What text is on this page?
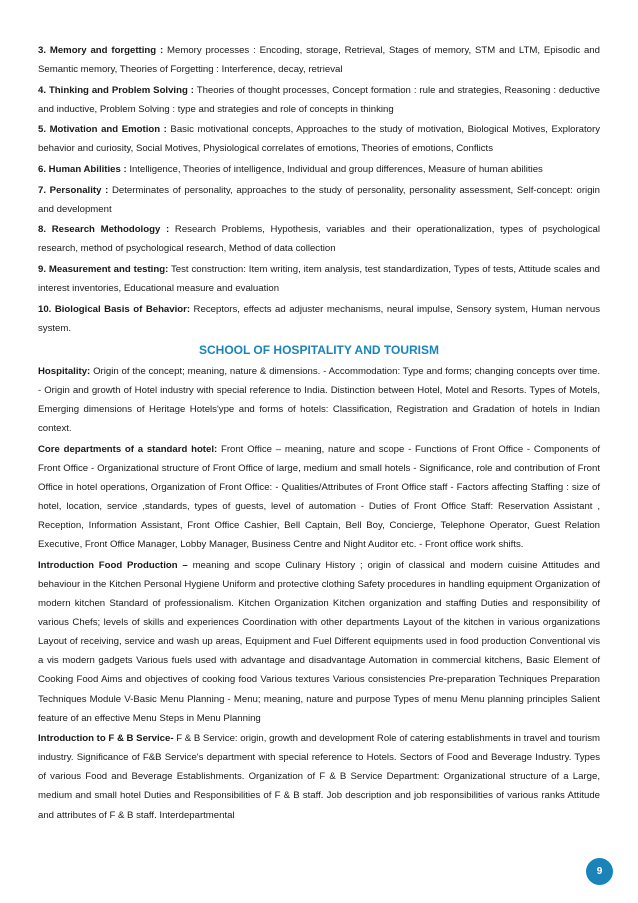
3. Memory and forgetting : Memory processes : Encoding, storage, Retrieval, Stages of memory, STM and LTM, Episodic and Semantic memory, Theories of Forgetting : Interference, decay, retrieval

4. Thinking and Problem Solving : Theories of thought processes, Concept formation : rule and strategies, Reasoning : deductive and inductive, Problem Solving : type and strategies and role of concepts in thinking

5. Motivation and Emotion : Basic motivational concepts, Approaches to the study of motivation, Biological Motives, Exploratory behavior and curiosity, Social Motives, Physiological correlates of emotions, Theories of emotions, Conflicts

6. Human Abilities : Intelligence, Theories of intelligence, Individual and group differences, Measure of human abilities

7. Personality : Determinates of personality, approaches to the study of personality, personality assessment, Self-concept: origin and development

8. Research Methodology : Research Problems, Hypothesis, variables and their operationalization, types of psychological research, method of psychological research, Method of data collection

9. Measurement and testing: Test construction: Item writing, item analysis, test standardization, Types of tests, Attitude scales and interest inventories, Educational measure and evaluation

10. Biological Basis of Behavior: Receptors, effects ad adjuster mechanisms, neural impulse, Sensory system, Human nervous system.

SCHOOL OF HOSPITALITY AND TOURISM

Hospitality: Origin of the concept; meaning, nature & dimensions. - Accommodation: Type and forms; changing concepts over time. - Origin and growth of Hotel industry with special reference to India. Distinction between Hotel, Motel and Resorts. Types of Motels, Emerging dimensions of Heritage Hotels'ype and forms of hotels: Classification, Registration and Gradation of hotels in Indian context.

Core departments of a standard hotel: Front Office – meaning, nature and scope - Functions of Front Office - Components of Front Office - Organizational structure of Front Office of large, medium and small hotels - Significance, role and contribution of Front Office in hotel operations, Organization of Front Office: - Qualities/Attributes of Front Office staff - Factors affecting Staffing : size of hotel, location, service ,standards, types of guests, level of automation - Duties of Front Office Staff: Reservation Assistant , Reception, Information Assistant, Front Office Cashier, Bell Captain, Bell Boy, Concierge, Telephone Operator, Guest Relation Executive, Front Office Manager, Lobby Manager, Business Centre and Night Auditor etc. - Front office work shifts.

Introduction Food Production – meaning and scope Culinary History ; origin of classical and modern cuisine Attitudes and behaviour in the Kitchen Personal Hygiene Uniform and protective clothing Safety procedures in handling equipment Organization of modern kitchen Standard of professionalism. Kitchen Organization Kitchen organization and staffing Duties and responsibility of various Chefs; levels of skills and experiences Coordination with other departments Layout of the kitchen in various organizations Layout of receiving, service and wash up areas, Equipment and Fuel Different equipments used in food production Conventional vis a vis modern gadgets Various fuels used with advantage and disadvantage Automation in commercial kitchens, Basic Element of Cooking Food Aims and objectives of cooking food Various textures Various consistencies Pre-preparation Techniques Preparation Techniques Module V-Basic Menu Planning - Menu; meaning, nature and purpose Types of menu Menu planning principles Salient feature of an effective Menu Steps in Menu Planning

Introduction to F & B Service- F & B Service: origin, growth and development Role of catering establishments in travel and tourism industry. Significance of F&B Service's department with special reference to Hotels. Sectors of Food and Beverage Industry. Types of various Food and Beverage Establishments. Organization of F & B Service Department: Organizational structure of a Large, medium and small hotel Duties and Responsibilities of F & B staff. Job description and job responsibilities of various ranks Attitude and attributes of F & B staff. Interdepartmental

9
